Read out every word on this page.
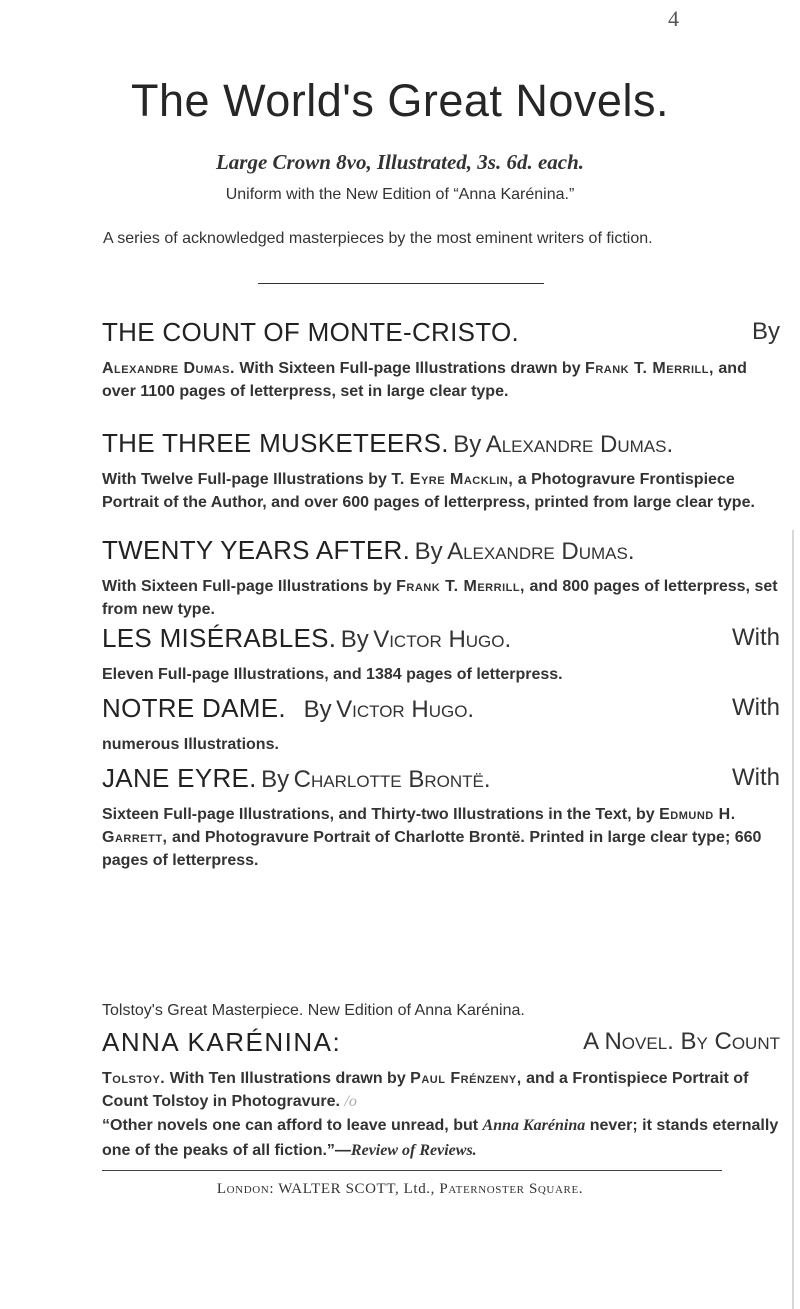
4
The World's Great Novels.
Large Crown 8vo, Illustrated, 3s. 6d. each.
Uniform with the New Edition of “Anna Karénina.”
A series of acknowledged masterpieces by the most eminent writers of fiction.
THE COUNT OF MONTE-CRISTO.	By
Alexandre Dumas. With Sixteen Full-page Illustrations drawn by Frank T. Merrill, and over 1100 pages of letterpress, set in large clear type.
THE THREE MUSKETEERS. By Alexandre Dumas.
With Twelve Full-page Illustrations by T. Eyre Macklin, a Photogravure Frontispiece Portrait of the Author, and over 600 pages of letterpress, printed from large clear type.
TWENTY YEARS AFTER. By Alexandre Dumas.
With Sixteen Full-page Illustrations by Frank T. Merrill, and 800 pages of letterpress, set from new type.
LES MISÉRABLES. By Victor Hugo.	With
Eleven Full-page Illustrations, and 1384 pages of letterpress.
NOTRE DAME. By Victor Hugo.	With
numerous Illustrations.
JANE EYRE. By Charlotte Brontë.	With
Sixteen Full-page Illustrations, and Thirty-two Illustrations in the Text, by Edmund H. Garrett, and Photogravure Portrait of Charlotte Brontë. Printed in large clear type; 660 pages of letterpress.
Tolstoy's Great Masterpiece. New Edition of Anna Karénina.
ANNA KARÉNINA:	A Novel. By Count
Tolstoy. With Ten Illustrations drawn by Paul Frénzeny, and a Frontispiece Portrait of Count Tolstoy in Photogravure. /o
“Other novels one can afford to leave unread, but Anna Karénina never; it stands eternally one of the peaks of all fiction.”—Review of Reviews.
London: WALTER SCOTT, Ltd., Paternoster Square.
